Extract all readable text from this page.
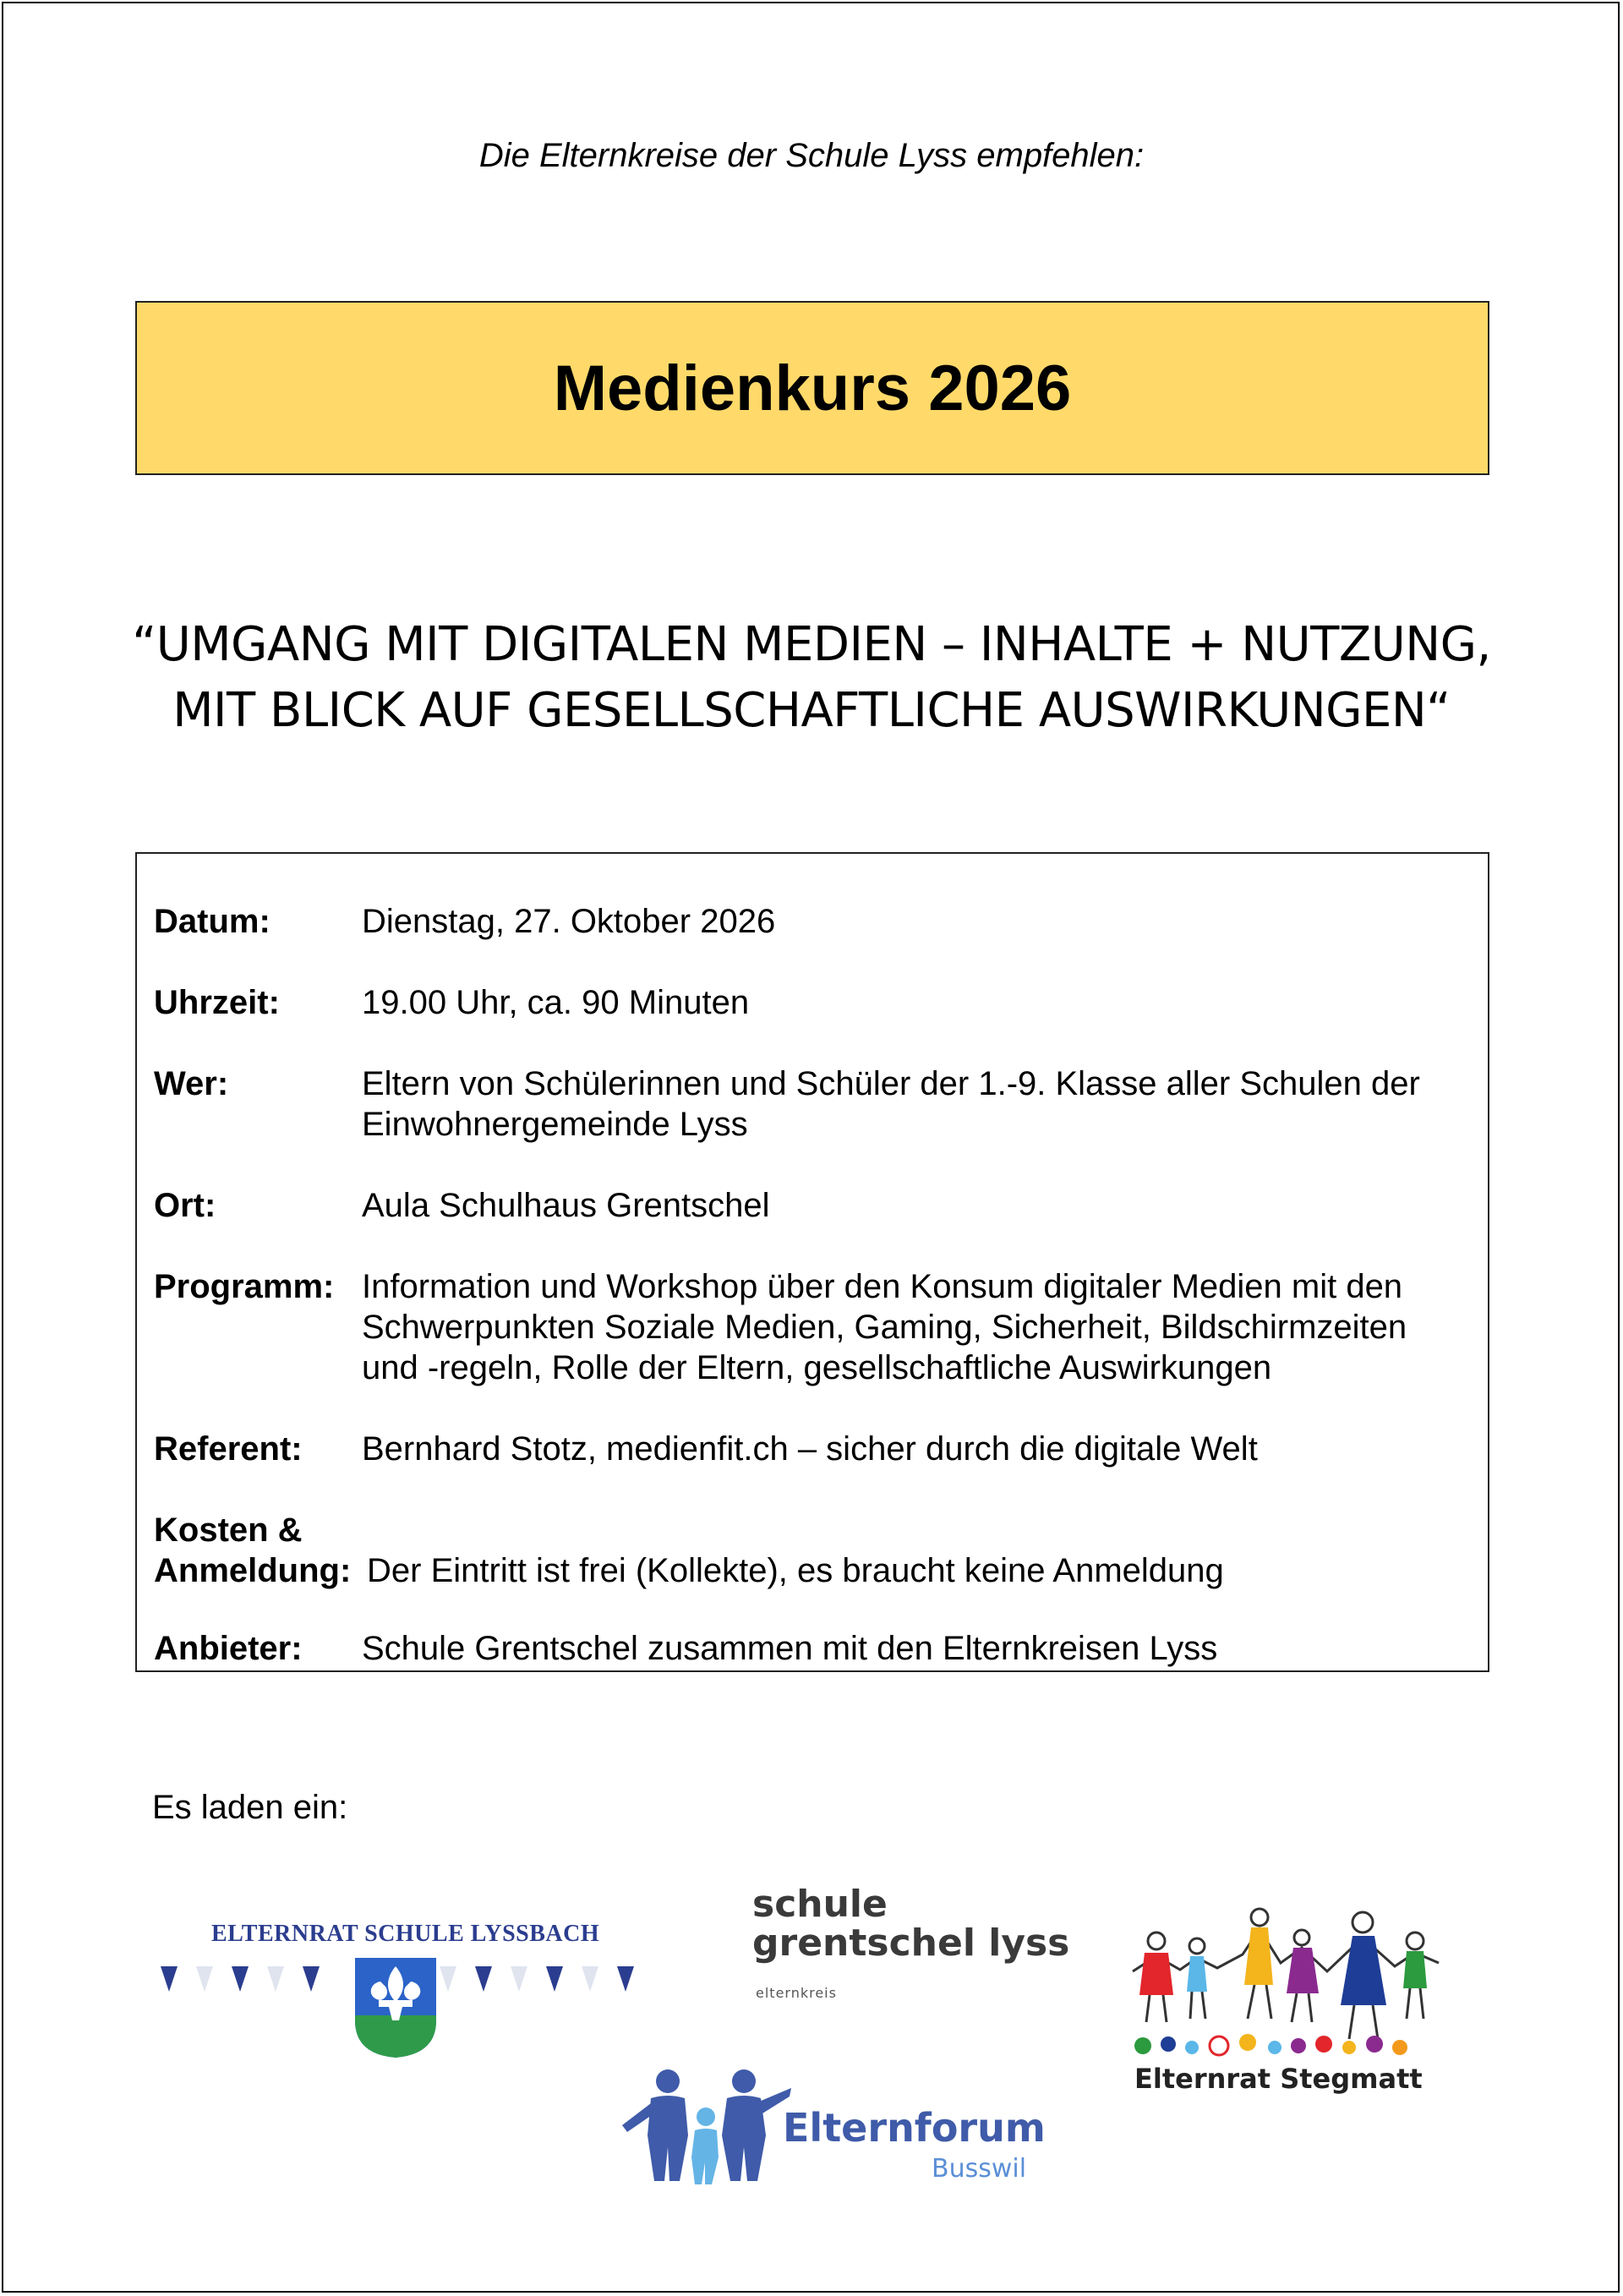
Die Elternkreise der Schule Lyss empfehlen:
Medienkurs 2026
“UMGANG MIT DIGITALEN MEDIEN – INHALTE + NUTZUNG,
MIT BLICK AUF GESELLSCHAFTLICHE AUSWIRKUNGEN“
Datum:	Dienstag, 27. Oktober 2026
Uhrzeit: 19.00 Uhr, ca. 90 Minuten
Wer:	Eltern von Schülerinnen und Schüler der 1.-9. Klasse aller Schulen der
Einwohnergemeinde Lyss
Ort:	Aula Schulhaus Grentschel
Programm: Information und Workshop über den Konsum digitaler Medien mit den
Schwerpunkten Soziale Medien, Gaming, Sicherheit, Bildschirmzeiten
und -regeln, Rolle der Eltern, gesellschaftliche Auswirkungen
Referent: Bernhard Stotz, medienfit.ch – sicher durch die digitale Welt
Kosten &
Anmeldung: Der Eintritt ist frei (Kollekte), es braucht keine Anmeldung
Anbieter: Schule Grentschel zusammen mit den Elternkreisen Lyss
Es laden ein:
ELTERNRAT SCHULE LYSSBACH
schule
grentschel lyss
elternkreis
Elternrat Stegmatt
Elternforum
Busswil
